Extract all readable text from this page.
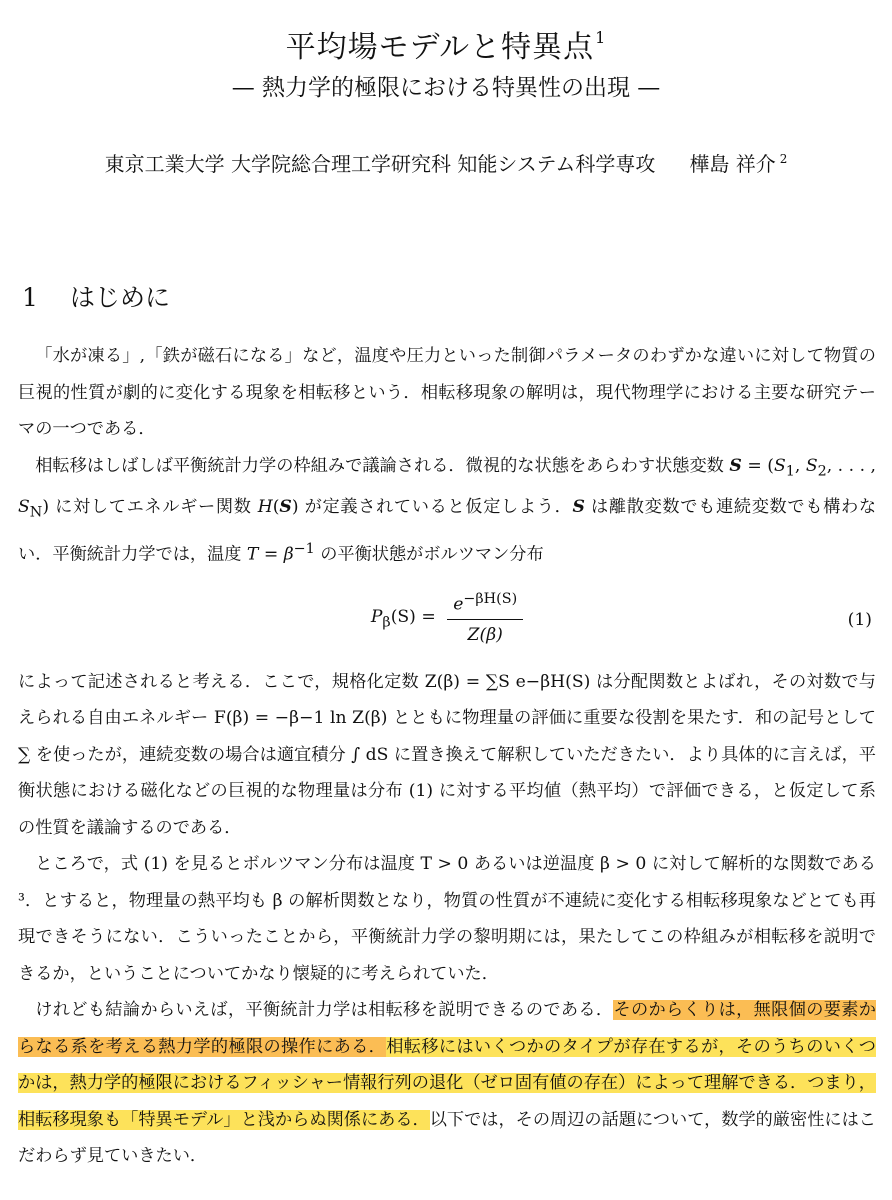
平均場モデルと特異点$^1$
— 熱力学的極限における特異性の出現 —
東京工業大学 大学院総合理工学研究科 知能システム科学専攻 樺島 祥介 $^2$
1 はじめに

「水が凍る」,「鉄が磁石になる」など，温度や圧力といった制御パラメータのわずかな違いに対して物質の巨視的性質が劇的に変化する現象を相転移という．相転移現象の解明は，現代物理学における主要な研究テーマの一つである．

相転移はしばしば平衡統計力学の枠組みで議論される．微視的な状態をあらわす状態変数 $S = (S_1$, $S_2$, . . . , $S_N$) に対してエネルギー関数 H(S) が定義されていると仮定しよう．S は離散変数でも連続変数でも構わない．平衡統計力学では，温度 $T = \beta^{-1}$ の平衡状態がボルツマン分布

$P_\beta(S) = \frac{e^{-\beta H(S)}}{Z(\beta)}$	(1)

によって記述されると考える．ここで，規格化定数 Z(β) = ∑S e−βH(S) は分配関数とよばれ，その対数で与えられる自由エネルギー F(β) = −β−1 ln Z(β) とともに物理量の評価に重要な役割を果たす．和の記号として ∑ を使ったが，連続変数の場合は適宜積分 ∫ dS に置き換えて解釈していただきたい．より具体的に言えば，平衡状態における磁化などの巨視的な物理量は分布 (1) に対する平均値（熱平均）で評価できる，と仮定して系の性質を議論するのである．

ところで，式 (1) を見るとボルツマン分布は温度 T > 0 あるいは逆温度 β > 0 に対して解析的な関数である³．とすると，物理量の熱平均も β の解析関数となり，物質の性質が不連続に変化する相転移現象などとても再現できそうにない．こういったことから，平衡統計力学の黎明期には，果たしてこの枠組みが相転移を説明できるか，ということについてかなり懐疑的に考えられていた．

けれども結論からいえば，平衡統計力学は相転移を説明できるのである．そのからくりは，無限個の要素からなる系を考える熱力学的極限の操作にある．相転移にはいくつかのタイプが存在するが，そのうちのいくつかは，熱力学的極限におけるフィッシャー情報行列の退化（ゼロ固有値の存在）によって理解できる．つまり，相転移現象も「特異モデル」と浅からぬ関係にある．以下では，その周辺の話題について，数学的厳密性にはこだわらず見ていきたい．
